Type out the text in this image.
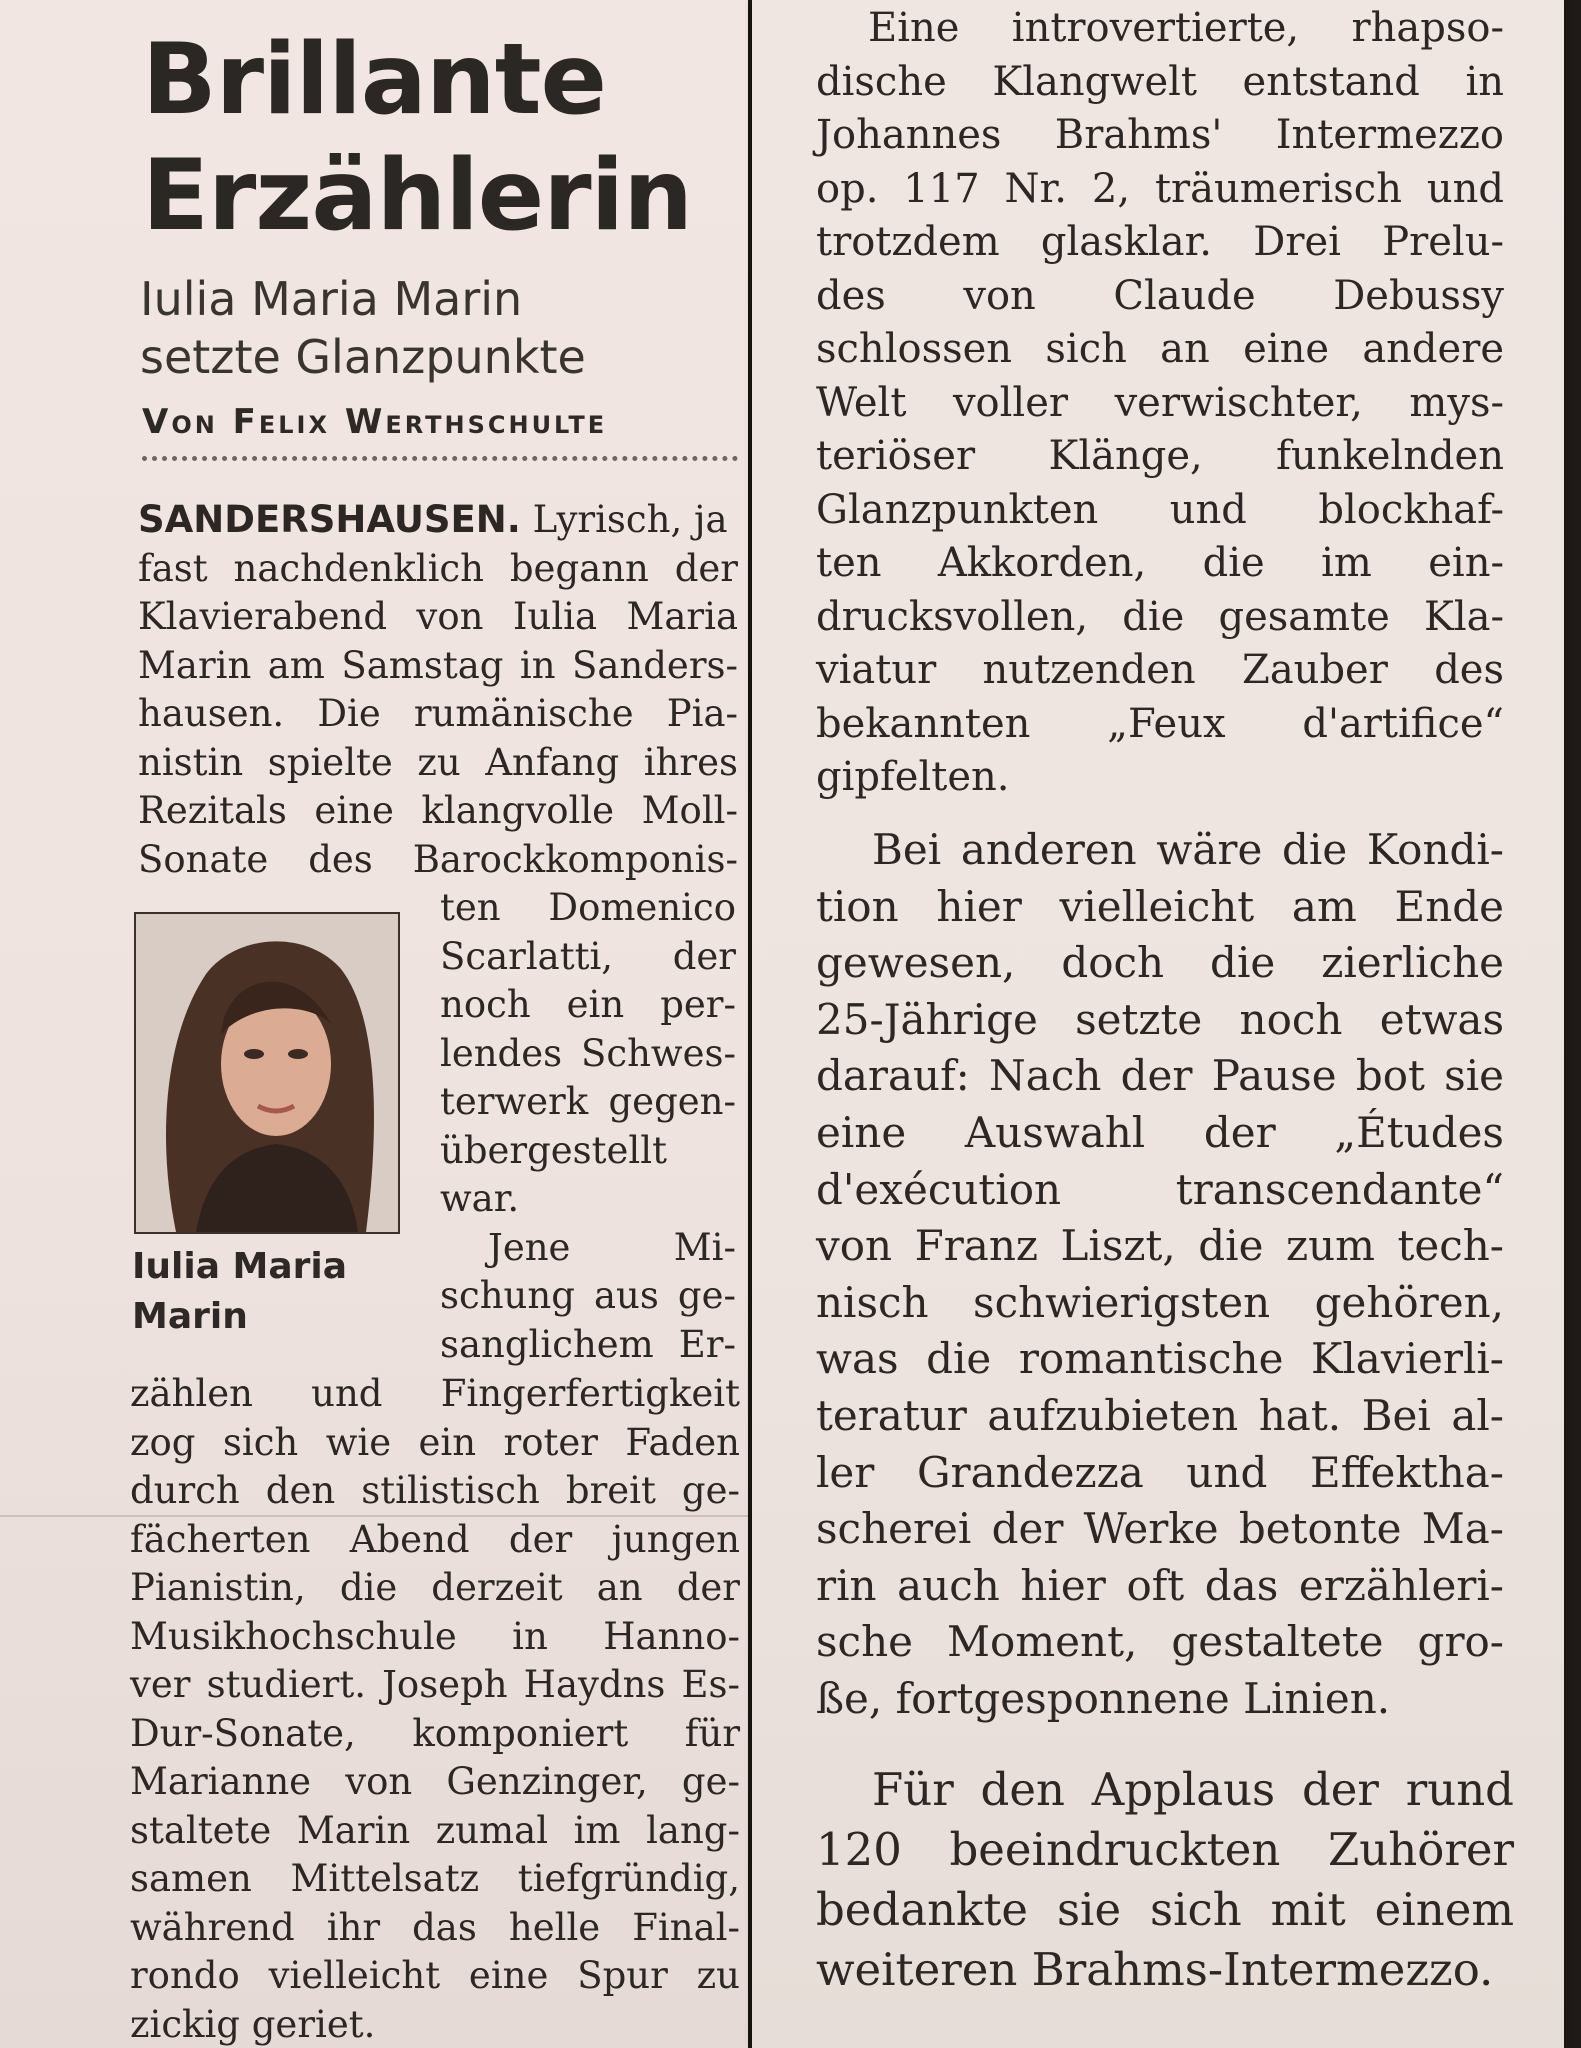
Brillante
Erzählerin
Iulia Maria Marin
setzte Glanzpunkte
Von Felix Werthschulte
SANDERSHAUSEN. Lyrisch, ja
fast nachdenklich begann der
Klavierabend von Iulia Maria
Marin am Samstag in Sanders-
hausen. Die rumänische Pia-
nistin spielte zu Anfang ihres
Rezitals eine klangvolle Moll-
Sonate des Barockkomponis-
ten Domenico
Scarlatti, der
noch ein per-
lendes Schwes-
terwerk gegen-
übergestellt
war.
Jene Mi-
schung aus ge-
sanglichem Er-
Iulia Maria
Marin
zählen und Fingerfertigkeit
zog sich wie ein roter Faden
durch den stilistisch breit ge-
fächerten Abend der jungen
Pianistin, die derzeit an der
Musikhochschule in Hanno-
ver studiert. Joseph Haydns Es-
Dur-Sonate, komponiert für
Marianne von Genzinger, ge-
staltete Marin zumal im lang-
samen Mittelsatz tiefgründig,
während ihr das helle Final-
rondo vielleicht eine Spur zu
zickig geriet.
Eine introvertierte, rhapso-
dische Klangwelt entstand in
Johannes Brahms' Intermezzo
op. 117 Nr. 2, träumerisch und
trotzdem glasklar. Drei Prelu-
des von Claude Debussy
schlossen sich an eine andere
Welt voller verwischter, mys-
teriöser Klänge, funkelnden
Glanzpunkten und blockhaf-
ten Akkorden, die im ein-
drucksvollen, die gesamte Kla-
viatur nutzenden Zauber des
bekannten „Feux d'artifice“
gipfelten.
Bei anderen wäre die Kondi-
tion hier vielleicht am Ende
gewesen, doch die zierliche
25-Jährige setzte noch etwas
darauf: Nach der Pause bot sie
eine Auswahl der „Études
d'exécution transcendante“
von Franz Liszt, die zum tech-
nisch schwierigsten gehören,
was die romantische Klavierli-
teratur aufzubieten hat. Bei al-
ler Grandezza und Effektha-
scherei der Werke betonte Ma-
rin auch hier oft das erzähleri-
sche Moment, gestaltete gro-
ße, fortgesponnene Linien.
Für den Applaus der rund
120 beeindruckten Zuhörer
bedankte sie sich mit einem
weiteren Brahms-Intermezzo.
